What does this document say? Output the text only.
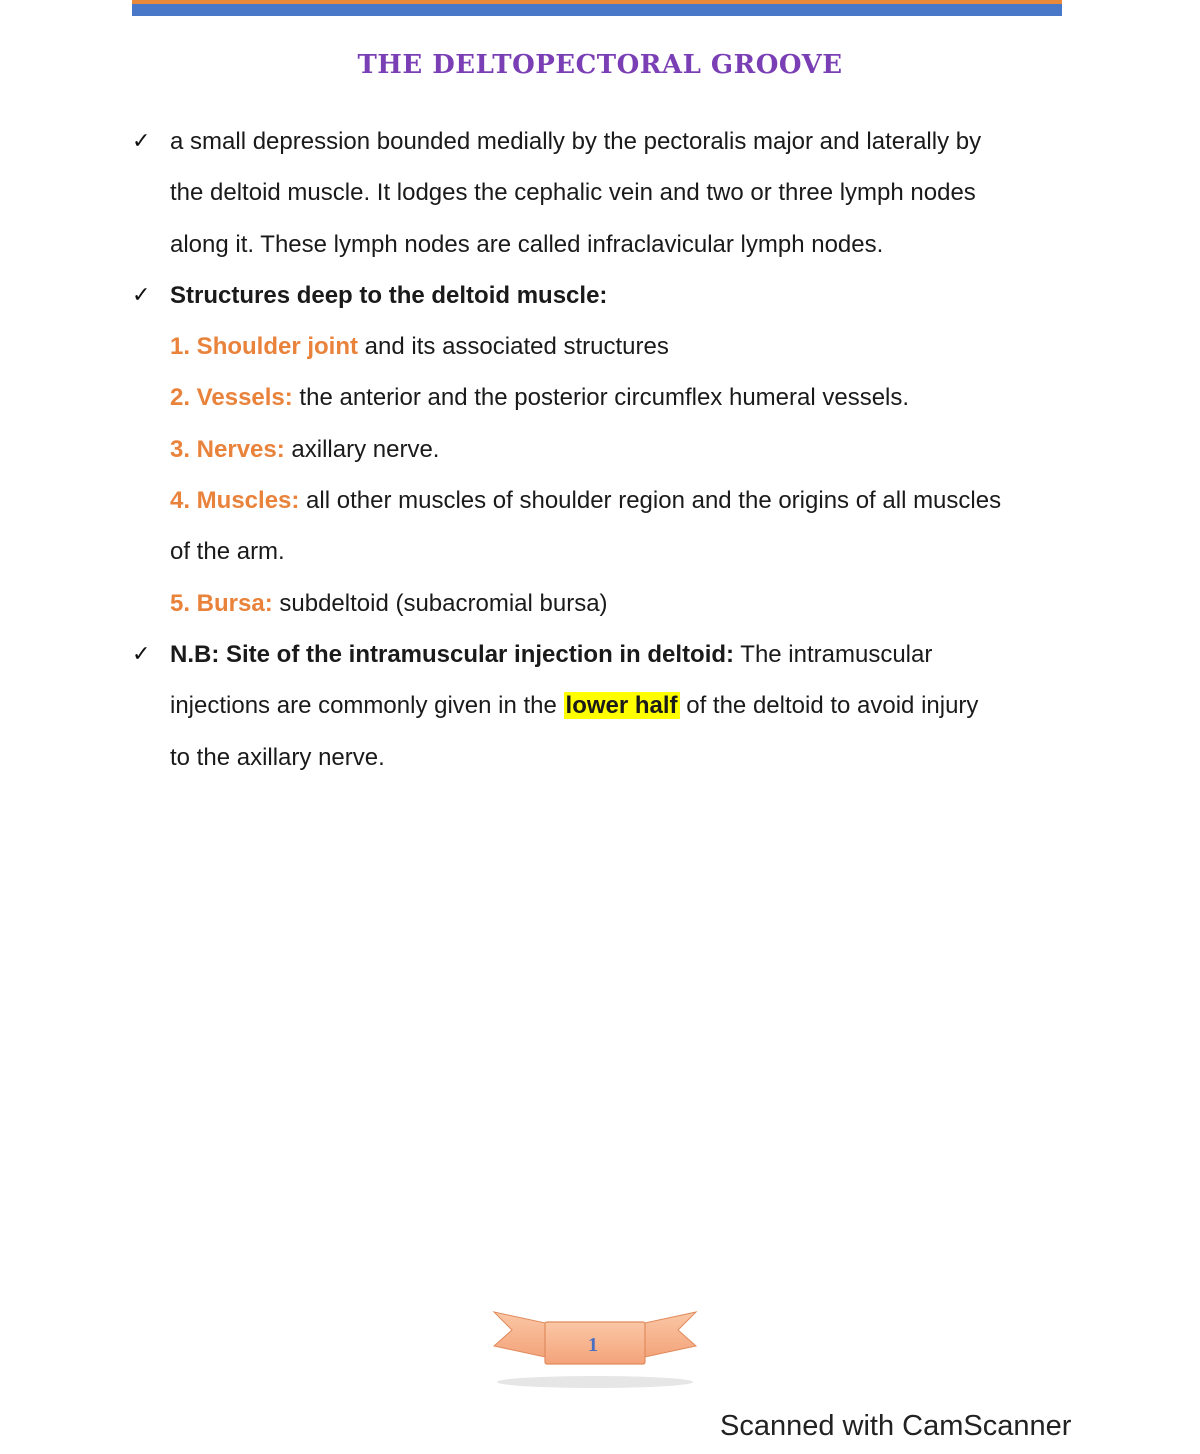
THE DELTOPECTORAL GROOVE
✓ a small depression bounded medially by the pectoralis major and laterally by
the deltoid muscle. It lodges the cephalic vein and two or three lymph nodes
along it. These lymph nodes are called infraclavicular lymph nodes.
✓ Structures deep to the deltoid muscle:
1. Shoulder joint and its associated structures
2. Vessels: the anterior and the posterior circumflex humeral vessels.
3. Nerves: axillary nerve.
4. Muscles: all other muscles of shoulder region and the origins of all muscles
of the arm.
5. Bursa: subdeltoid (subacromial bursa)
✓ N.B: Site of the intramuscular injection in deltoid: The intramuscular
injections are commonly given in the lower half of the deltoid to avoid injury
to the axillary nerve.
1
Scanned with CamScanner
